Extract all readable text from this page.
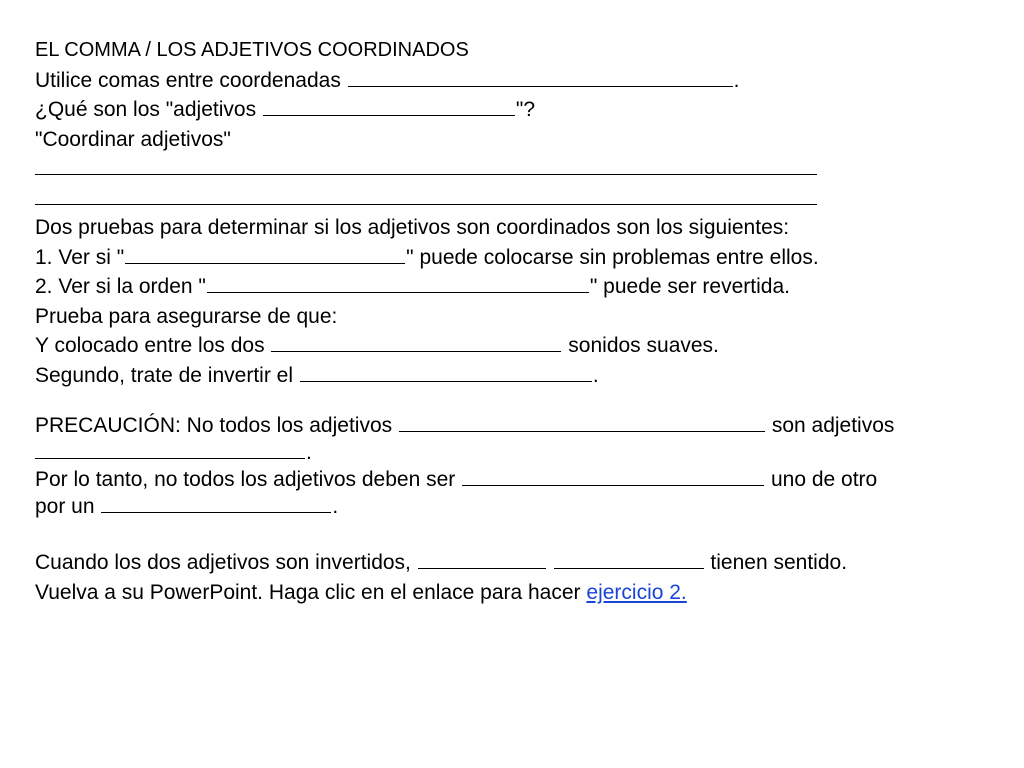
EL COMMA / LOS ADJETIVOS COORDINADOS
Utilice comas entre coordenadas	.
¿Qué son los "adjetivos	"?
"Coordinar adjetivos"
Dos pruebas para determinar si los adjetivos son coordinados son los siguientes:
1. Ver si "	" puede colocarse sin problemas entre ellos.
2. Ver si la orden "	" puede ser revertida.
Prueba para asegurarse de que:
Y colocado entre los dos	sonidos suaves.
Segundo, trate de invertir el	.
PRECAUCIÓN: No todos los adjetivos	son adjetivos
.
Por lo tanto, no todos los adjetivos deben ser	uno de otro
por un	.
Cuando los dos adjetivos son invertidos,	tienen sentido.
Vuelva a su PowerPoint. Haga clic en el enlace para hacer ejercicio 2.
